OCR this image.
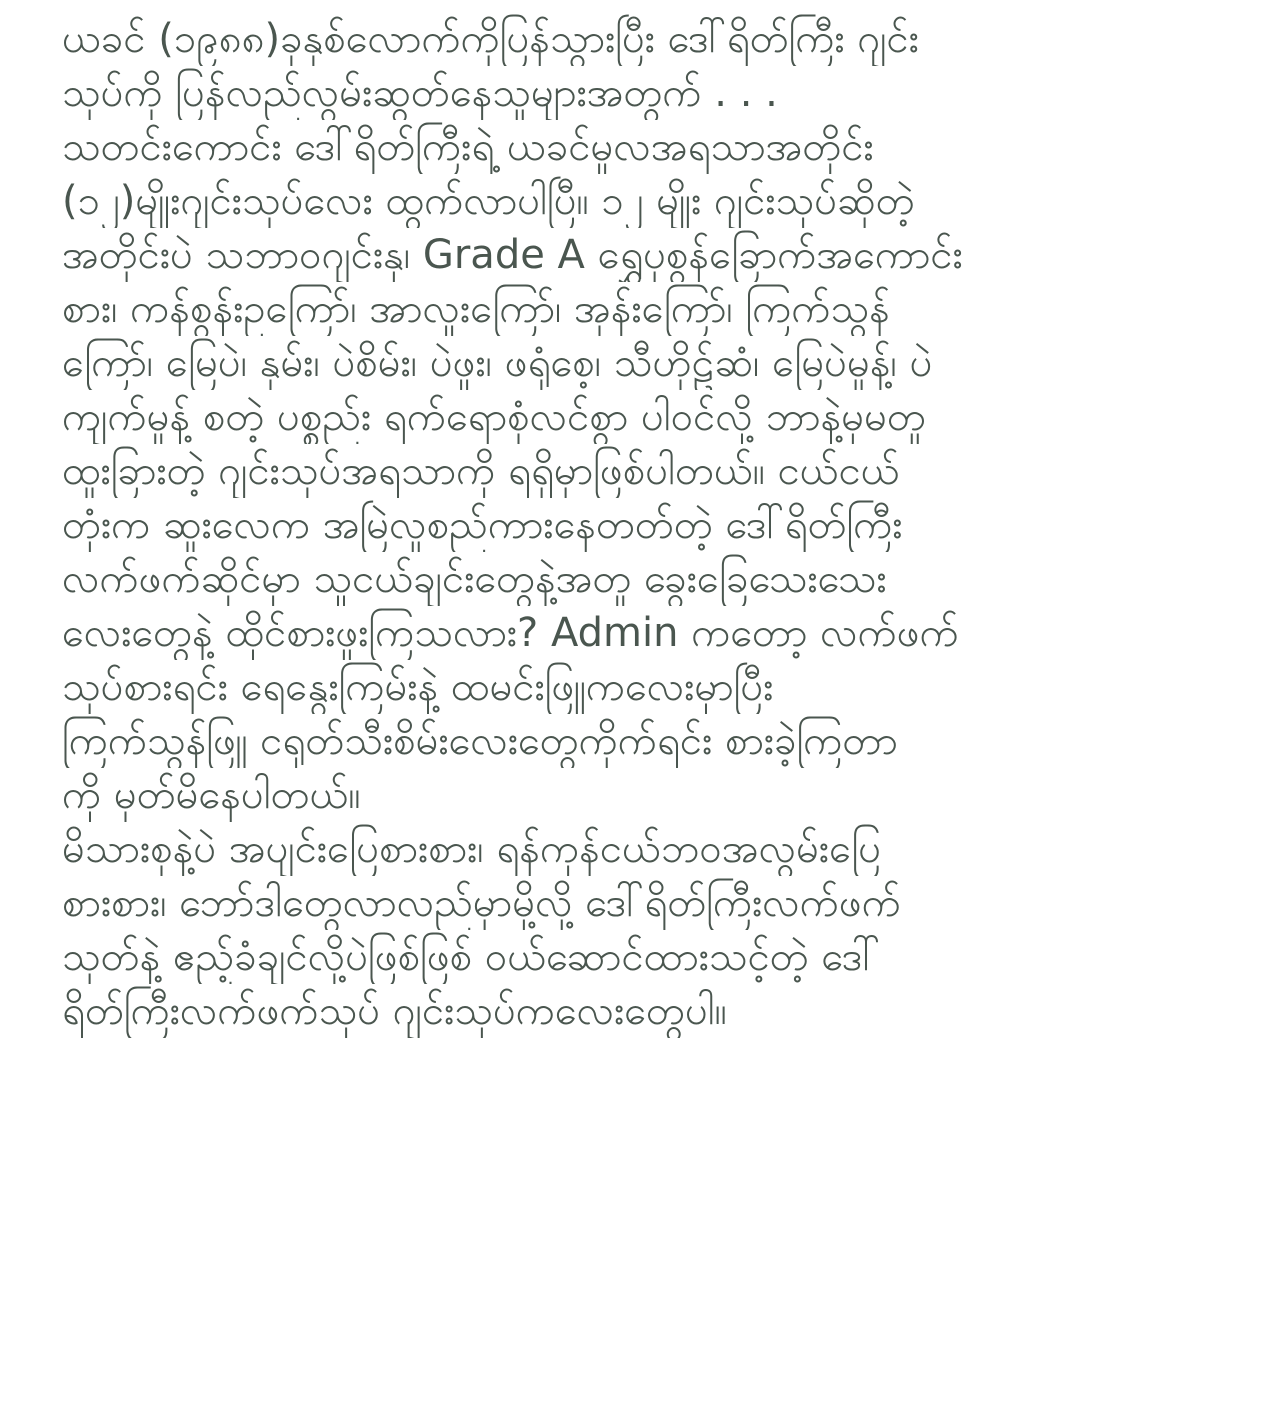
ယခင် (၁၉၈၈)ခုနှစ်လောက်ကိုပြန်သွားပြီး ဒေါ်ရိတ်ကြီး ဂျင်း
သုပ်ကို ပြန်လည်လွမ်းဆွတ်နေသူများအတွက် . . .
သတင်းကောင်း ဒေါ်ရိတ်ကြီးရဲ့ ယခင်မူလအရသာအတိုင်း
(၁၂)မျိုးဂျင်းသုပ်လေး ထွက်လာပါပြီ။ ၁၂ မျိုး ဂျင်းသုပ်ဆိုတဲ့
အတိုင်းပဲ သဘာဝဂျင်းနု၊ Grade A ရွှေပုစွန်ခြောက်အကောင်း
စား၊ ကန်စွန်းဥကြော်၊ အာလူးကြော်၊ အုန်းကြော်၊ ကြက်သွန်
ကြော်၊ မြေပဲ၊ နှမ်း၊ ပဲစိမ်း၊ ပဲဖူး၊ ဖရုံစေ့၊ သီဟိုဠ်ဆံ၊ မြေပဲမှုန့်၊ ပဲ
ကျက်မှုန့် စတဲ့ ပစ္စည်း ရက်ရောစုံလင်စွာ ပါဝင်လို့ ဘာနဲ့မှမတူ
ထူးခြားတဲ့ ဂျင်းသုပ်အရသာကို ရရှိမှာဖြစ်ပါတယ်။ ငယ်ငယ်
တုံးက ဆူးလေက အမြဲလူစည်ကားနေတတ်တဲ့ ဒေါ်ရိတ်ကြီး
လက်ဖက်ဆိုင်မှာ သူငယ်ချင်းတွေနဲ့အတူ ခွေးခြေသေးသေး
လေးတွေနဲ့ ထိုင်စားဖူးကြသလား? Admin ကတော့ လက်ဖက်
သုပ်စားရင်း ရေနွေးကြမ်းနဲ့ ထမင်းဖြူကလေးမှာပြီး
ကြက်သွန်ဖြူ ငရုတ်သီးစိမ်းလေးတွေကိုက်ရင်း စားခဲ့ကြတာ
ကို မှတ်မိနေပါတယ်။
မိသားစုနဲ့ပဲ အပျင်းပြေစားစား၊ ရန်ကုန်ငယ်ဘဝအလွမ်းပြေ
စားစား၊ ဘော်ဒါတွေလာလည်မှာမို့လို့ ဒေါ်ရိတ်ကြီးလက်ဖက်
သုတ်နဲ့ ဧည့်ခံချင်လို့ပဲဖြစ်ဖြစ် ဝယ်ဆောင်ထားသင့်တဲ့ ဒေါ်
ရိတ်ကြီးလက်ဖက်သုပ် ဂျင်းသုပ်ကလေးတွေပါ။
